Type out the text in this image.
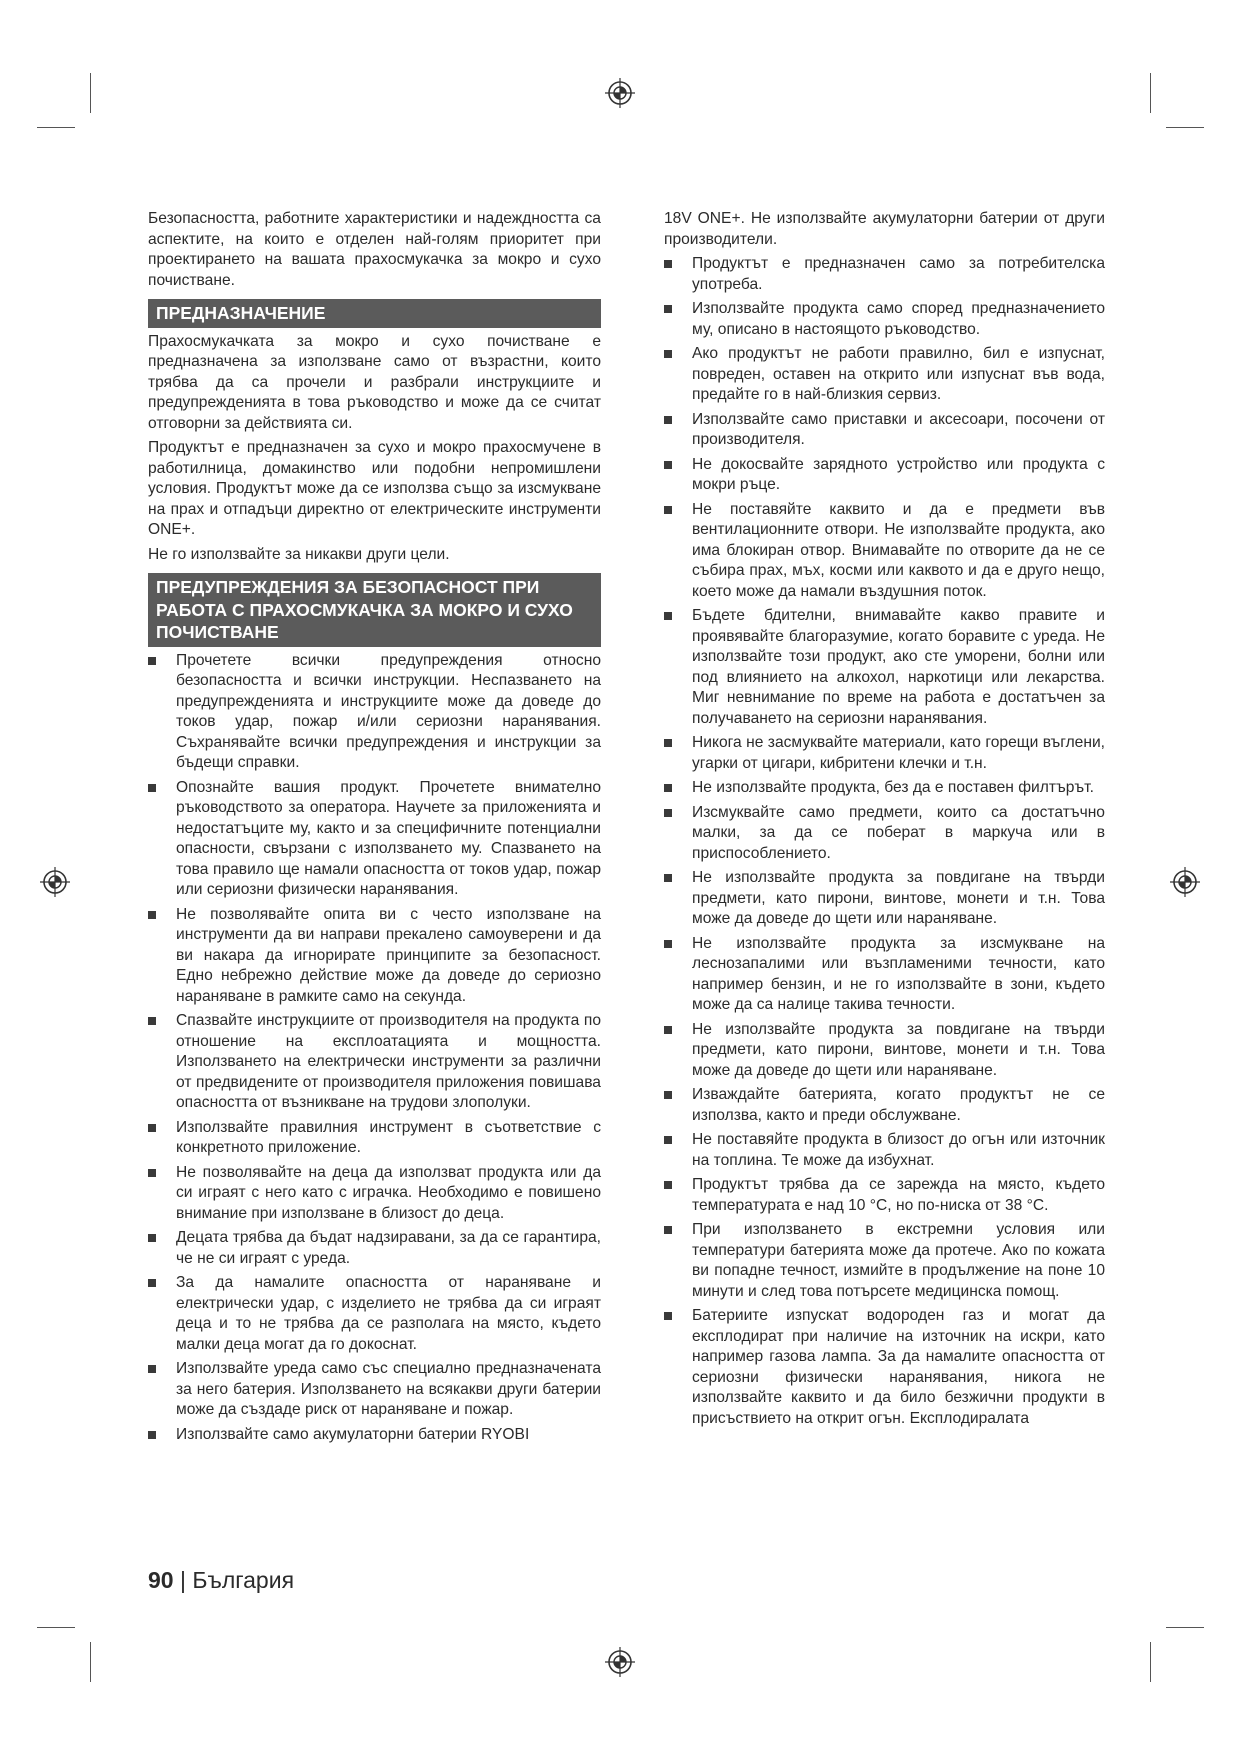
Безопасността, работните характеристики и надеждността са аспектите, на които е отделен най-голям приоритет при проектирането на вашата прахосмукачка за мокро и сухо почистване.

ПРЕДНАЗНАЧЕНИЕ

Прахосмукачката за мокро и сухо почистване е предназначена за използване само от възрастни, които трябва да са прочели и разбрали инструкциите и предупрежденията в това ръководство и може да се считат отговорни за действията си.

Продуктът е предназначен за сухо и мокро прахосмучене в работилница, домакинство или подобни непромишлени условия. Продуктът може да се използва също за изсмукване на прах и отпадъци директно от електрическите инструменти ONE+.

Не го използвайте за никакви други цели.

ПРЕДУПРЕЖДЕНИЯ ЗА БЕЗОПАСНОСТ ПРИ РАБОТА С ПРАХОСМУКАЧКА ЗА МОКРО И СУХО ПОЧИСТВАНЕ
Прочетете всички предупреждения относно безопасността и всички инструкции. Неспазването на предупрежденията и инструкциите може да доведе до токов удар, пожар и/или сериозни наранявания. Съхранявайте всички предупреждения и инструкции за бъдещи справки.
Опознайте вашия продукт. Прочетете внимателно ръководството за оператора. Научете за приложенията и недостатъците му, както и за специфичните потенциални опасности, свързани с използването му. Спазването на това правило ще намали опасността от токов удар, пожар или сериозни физически наранявания.
Не позволявайте опита ви с често използване на инструменти да ви направи прекалено самоуверени и да ви накара да игнорирате принципите за безопасност. Едно небрежно действие може да доведе до сериозно нараняване в рамките само на секунда.
Спазвайте инструкциите от производителя на продукта по отношение на експлоатацията и мощността. Използването на електрически инструменти за различни от предвидените от производителя приложения повишава опасността от възникване на трудови злополуки.
Използвайте правилния инструмент в съответствие с конкретното приложение.
Не позволявайте на деца да използват продукта или да си играят с него като с играчка. Необходимо е повишено внимание при използване в близост до деца.
Децата трябва да бъдат надзиравани, за да се гарантира, че не си играят с уреда.
За да намалите опасността от нараняване и електрически удар, с изделието не трябва да си играят деца и то не трябва да се разполага на място, където малки деца могат да го докоснат.
Използвайте уреда само със специално предназначената за него батерия. Използването на всякакви други батерии може да създаде риск от нараняване и пожар.
Използвайте само акумулаторни батерии RYOBI

18V ONE+. Не използвайте акумулаторни батерии от други производители.

Продуктът е предназначен само за потребителска употреба.
Използвайте продукта само според предназначението му, описано в настоящото ръководство.
Ако продуктът не работи правилно, бил е изпуснат, повреден, оставен на открито или изпуснат във вода, предайте го в най-близкия сервиз.
Използвайте само приставки и аксесоари, посочени от производителя.
Не докосвайте зарядното устройство или продукта с мокри ръце.
Не поставяйте каквито и да е предмети във вентилационните отвори. Не използвайте продукта, ако има блокиран отвор. Внимавайте по отворите да не се събира прах, мъх, косми или каквото и да е друго нещо, което може да намали въздушния поток.
Бъдете бдителни, внимавайте какво правите и проявявайте благоразумие, когато боравите с уреда. Не използвайте този продукт, ако сте уморени, болни или под влиянието на алкохол, наркотици или лекарства. Миг невнимание по време на работа е достатъчен за получаването на сериозни наранявания.
Никога не засмуквайте материали, като горещи въглени, угарки от цигари, кибритени клечки и т.н.
Не използвайте продукта, без да е поставен филтърът.
Изсмуквайте само предмети, които са достатъчно малки, за да се поберат в маркуча или в приспособлението.
Не използвайте продукта за повдигане на твърди предмети, като пирони, винтове, монети и т.н. Това може да доведе до щети или нараняване.
Не използвайте продукта за изсмукване на леснозапалими или възпламеними течности, като например бензин, и не го използвайте в зони, където може да са налице такива течности.
Не използвайте продукта за повдигане на твърди предмети, като пирони, винтове, монети и т.н. Това може да доведе до щети или нараняване.
Изваждайте батерията, когато продуктът не се използва, както и преди обслужване.
Не поставяйте продукта в близост до огън или източник на топлина. Те може да избухнат.
Продуктът трябва да се зарежда на място, където температурата е над 10 °C, но по-ниска от 38 °C.
При използването в екстремни условия или температури батерията може да протече. Ако по кожата ви попадне течност, измийте в продължение на поне 10 минути и след това потърсете медицинска помощ.
Батериите изпускат водороден газ и могат да експлодират при наличие на източник на искри, като например газова лампа. За да намалите опасността от сериозни физически наранявания, никога не използвайте каквито и да било безжични продукти в присъствието на открит огън. Експлодиралата
90 | България
